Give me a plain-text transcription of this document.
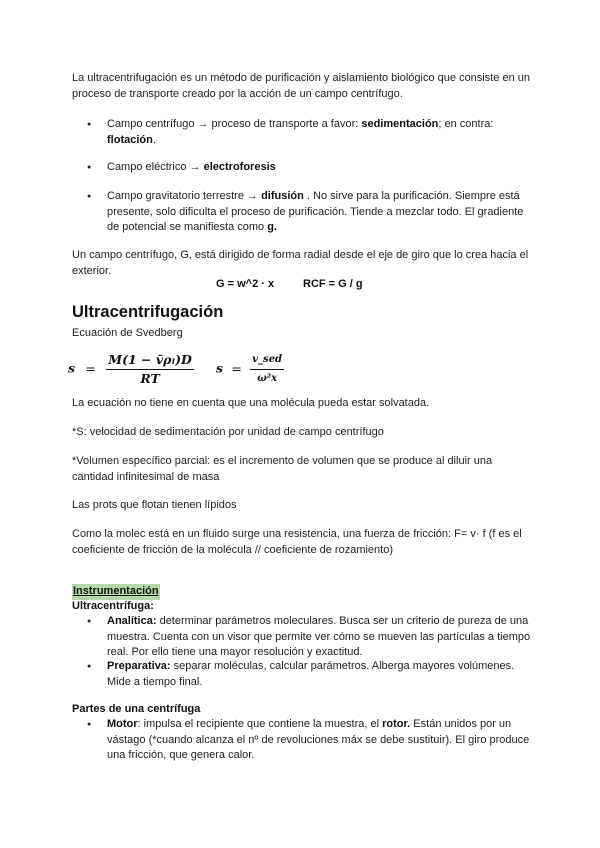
La ultracentrifugación es un método de purificación y aislamiento biológico que consiste en un proceso de transporte creado por la acción de un campo centrífugo.

● Campo centrífugo → proceso de transporte a favor: sedimentación; en contra: flotación.

● Campo eléctrico → electroforesis

● Campo gravitatorio terrestre → difusión . No sirve para la purificación. Siempre está presente, solo dificulta el proceso de purificación. Tiende a mezclar todo. El gradiente de potencial se manifiesta como g.

Un campo centrífugo, G, está dirigido de forma radial desde el eje de giro que lo crea hacia el exterior.

G = w^2 · x	RCF = G / g
Ultracentrifugación

Ecuación de Svedberg

$s = \frac{\text{M(1 − v̄ρₗ)D}}{RT}$ $s = \frac{\text{v\_sed}}{\text{ω²x}}$

La ecuación no tiene en cuenta que una molécula pueda estar solvatada.

*S: velocidad de sedimentación por unidad de campo centrífugo

*Volumen específico parcial: es el incremento de volumen que se produce al diluir una cantidad infinitesimal de masa

Las prots que flotan tienen lípidos

Como la molec está en un fluido surge una resistencia, una fuerza de fricción: F= v· f (f es el coeficiente de fricción de la molécula // coeficiente de rozamiento)

Instrumentación

Ultracentrífuga:

● Analítica: determinar parámetros moleculares. Busca ser un criterio de pureza de una muestra. Cuenta con un visor que permite ver cómo se mueven las partículas a tiempo real. Por ello tiene una mayor resolución y exactitud.

● Preparativa: separar moléculas, calcular parámetros. Alberga mayores volúmenes. Mide a tiempo final.

Partes de una centrífuga

● Motor: impulsa el recipiente que contiene la muestra, el rotor. Están unidos por un vástago (*cuando alcanza el nº de revoluciones máx se debe sustituir). El giro produce una fricción, que genera calor.
